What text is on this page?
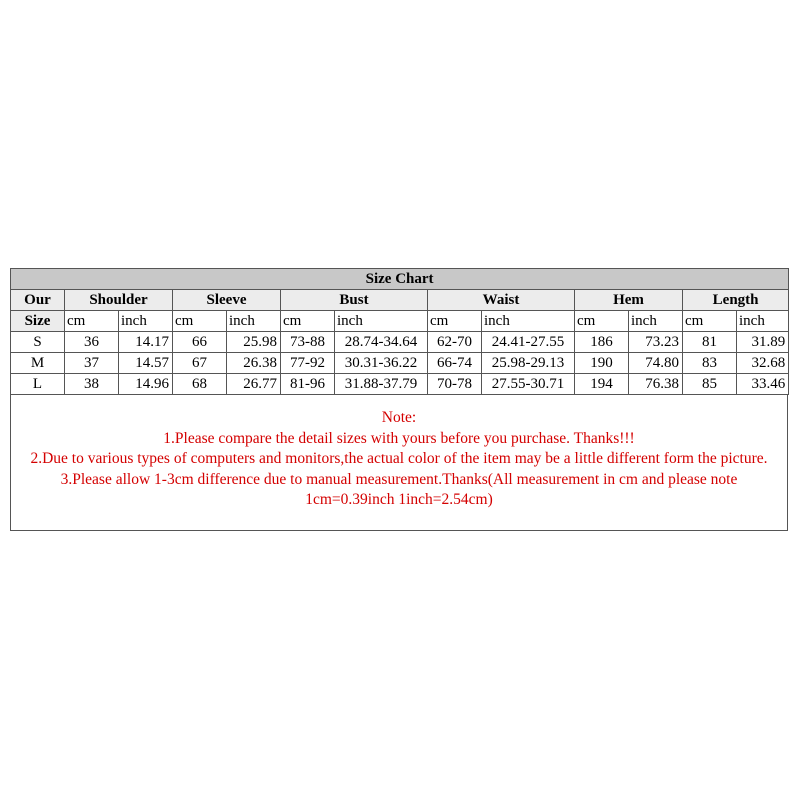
Size Chart												
Our	Shoulder		Sleeve		Bust		Waist		Hem		Length	
Size	cm	inch	cm	inch	cm	inch	cm	inch	cm	inch	cm	inch
S	36	14.17	66	25.98	73-88	28.74-34.64	62-70	24.41-27.55	186	73.23	81	31.89
M	37	14.57	67	26.38	77-92	30.31-36.22	66-74	25.98-29.13	190	74.80	83	32.68
L	38	14.96	68	26.77	81-96	31.88-37.79	70-78	27.55-30.71	194	76.38	85	33.46
Note:
1.Please compare the detail sizes with yours before you purchase. Thanks!!!
2.Due to various types of computers and monitors,the actual color of the item may be a little different form the picture.
3.Please allow 1-3cm difference due to manual measurement.Thanks(All measurement in cm and please note 1cm=0.39inch 1inch=2.54cm)
